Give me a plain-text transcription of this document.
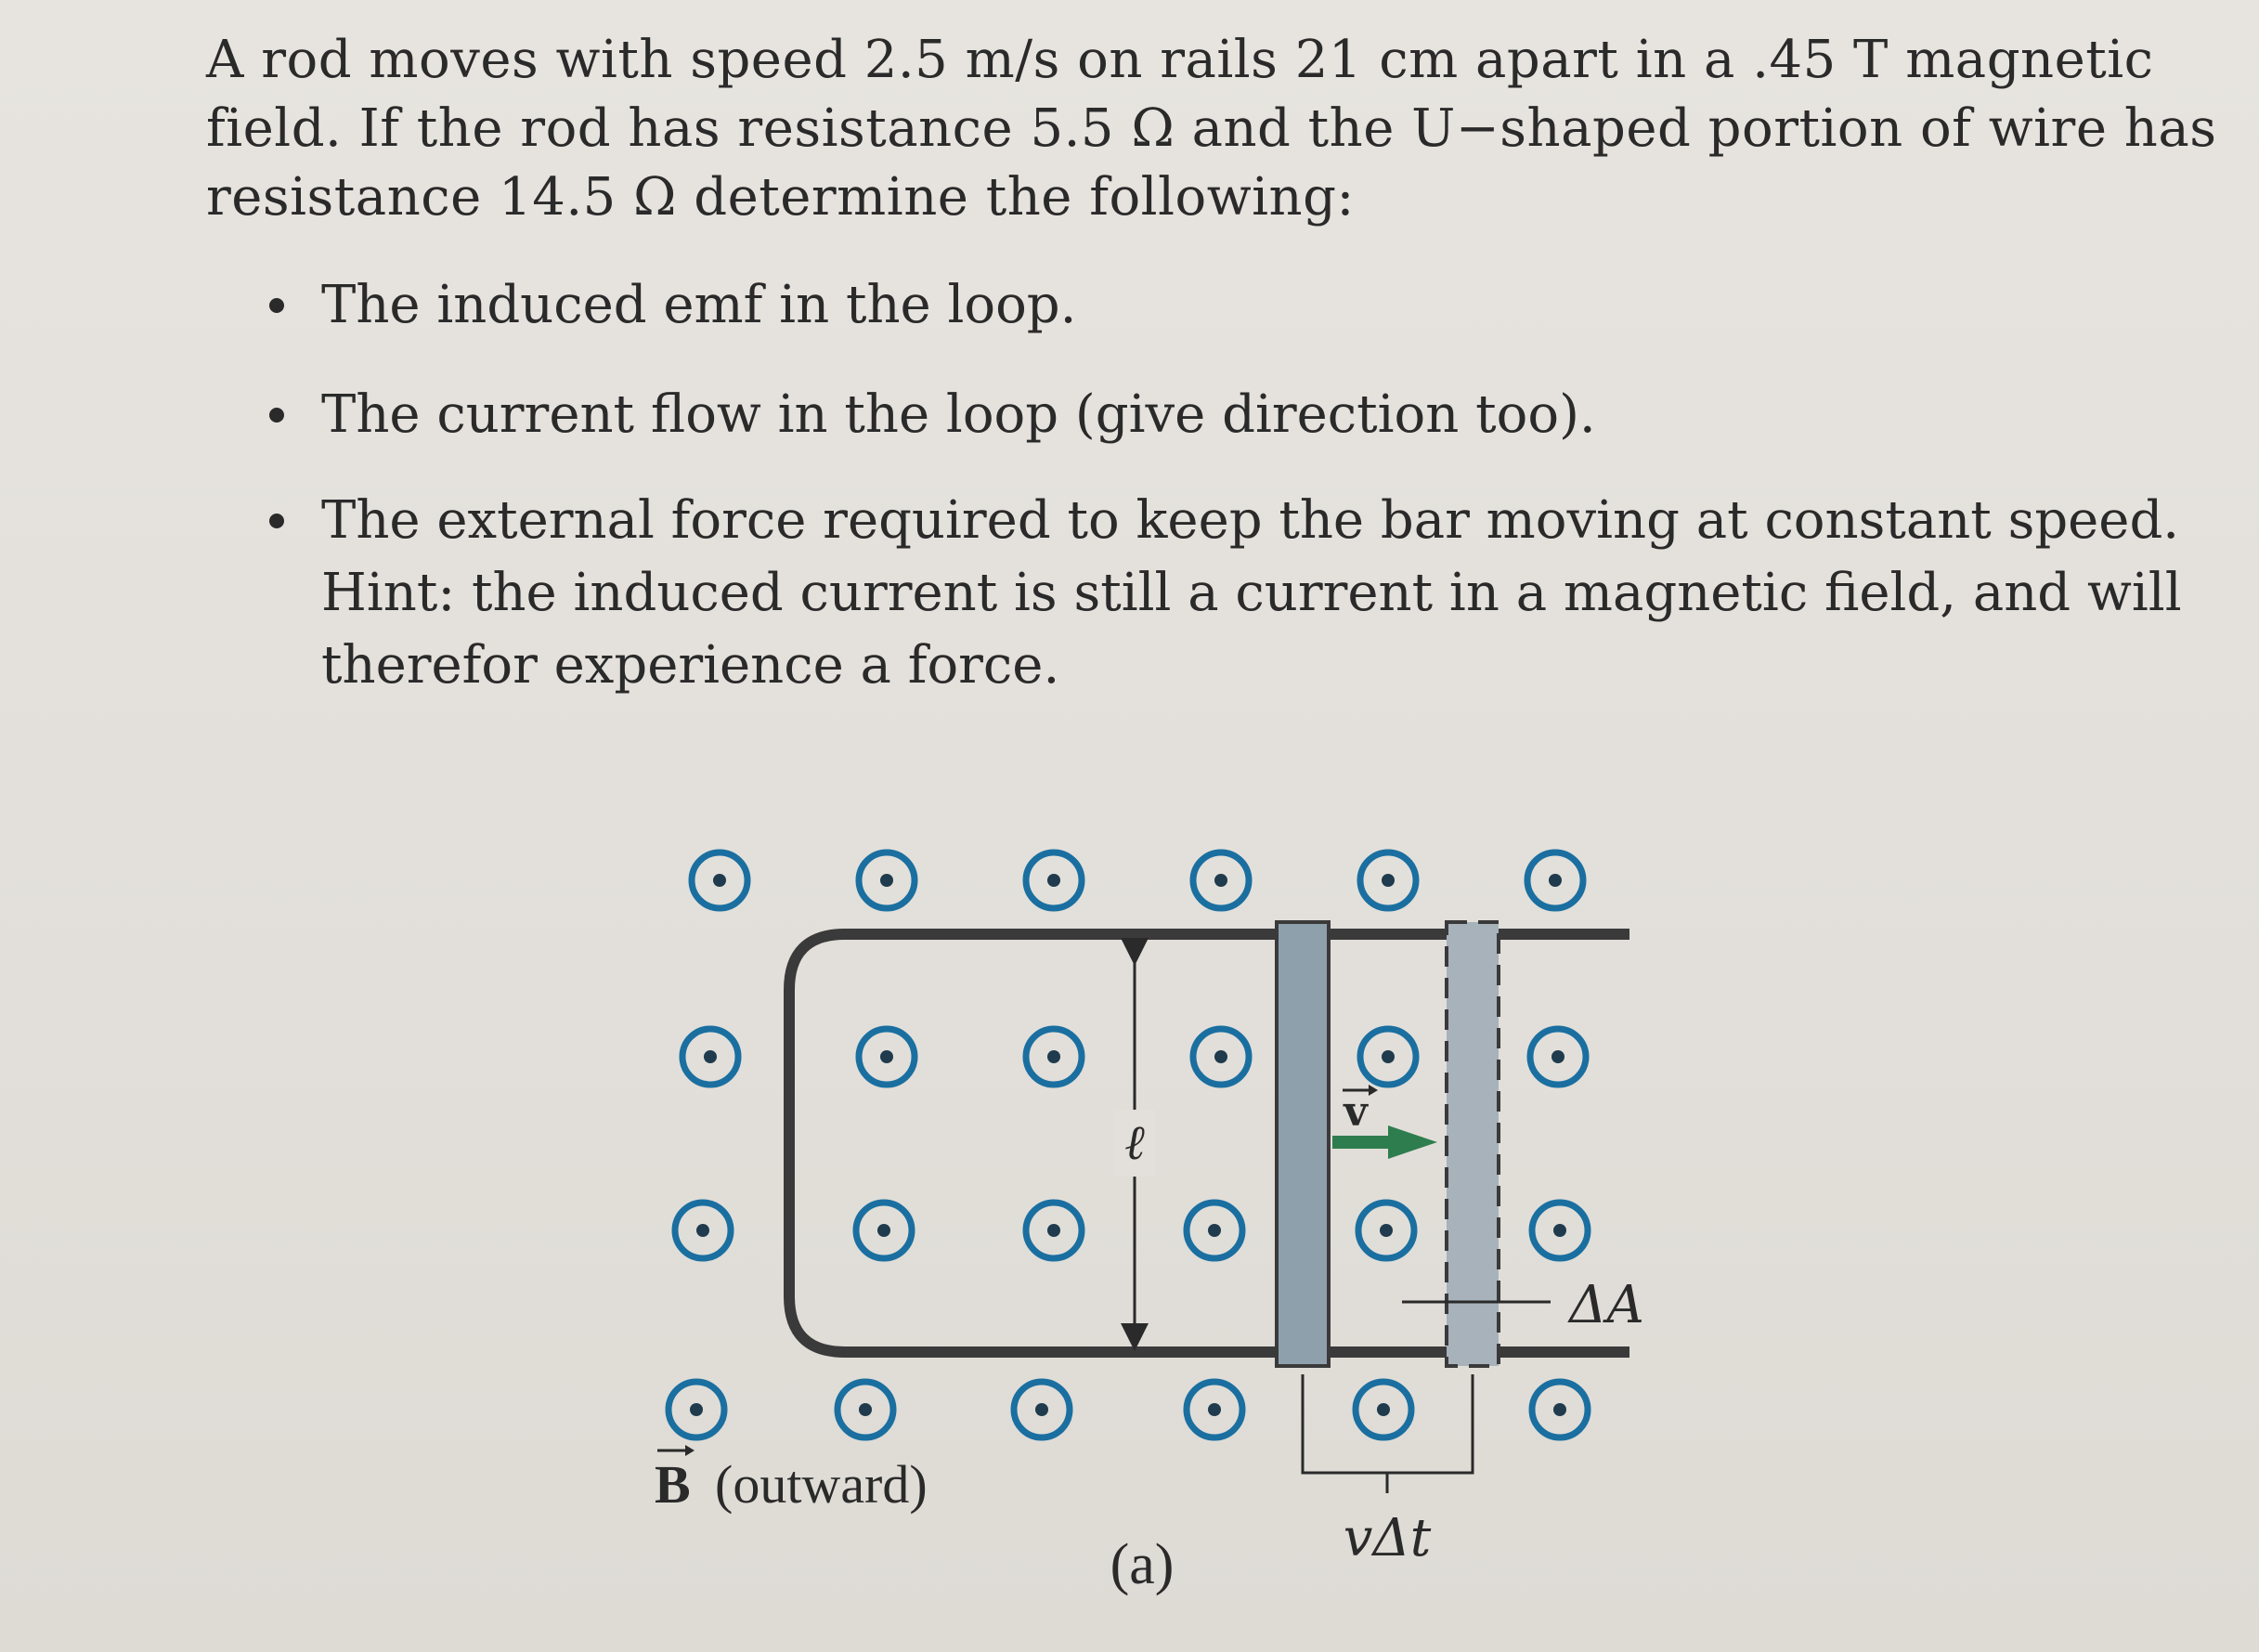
A rod moves with speed 2.5 m/s on rails 21 cm apart in a .45 T magnetic
field. If the rod has resistance 5.5 Ω and the U−shaped portion of wire has
resistance 14.5 Ω determine the following:
The induced emf in the loop.
The current flow in the loop (give direction too).
The external force required to keep the bar moving at constant speed.
Hint: the induced current is still a current in a magnetic field, and will
therefor experience a force.
ℓ
v
ΔA
vΔt
B (outward)
(a)
